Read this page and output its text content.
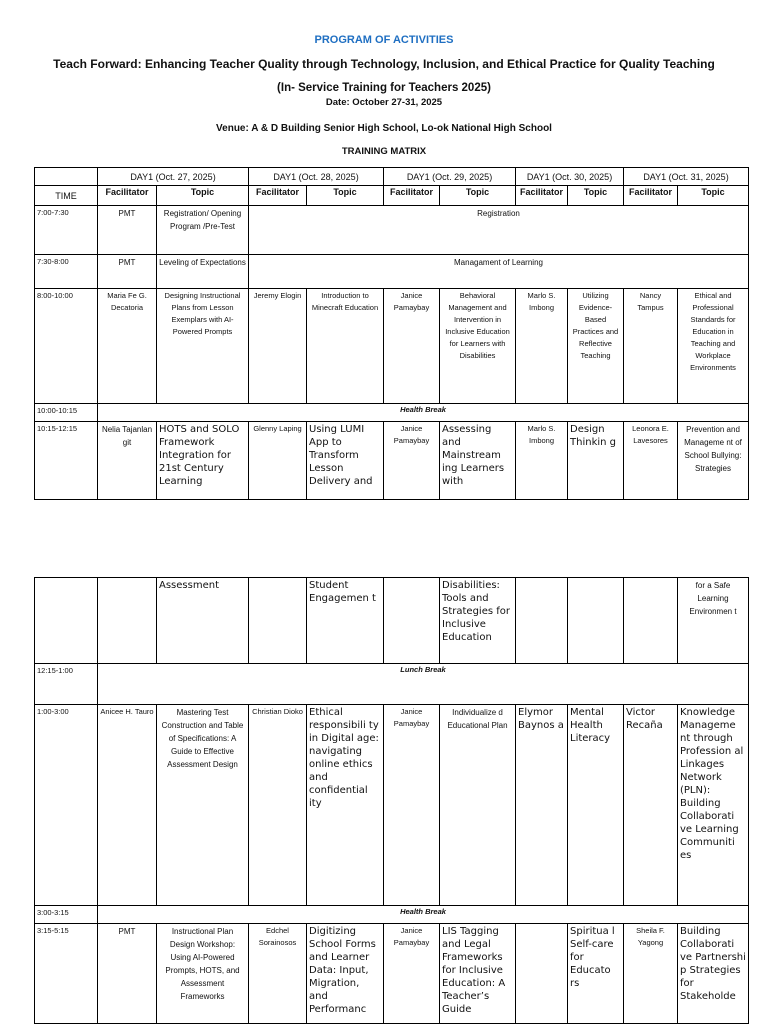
PROGRAM OF ACTIVITIES
Teach Forward: Enhancing Teacher Quality through Technology, Inclusion, and Ethical Practice for Quality Teaching
(In- Service Training for Teachers 2025)
Date: October 27-31, 2025
Venue: A & D Building Senior High School, Lo-ok National High School
TRAINING MATRIX
	DAY1 (Oct. 27, 2025)		DAY1 (Oct. 28, 2025)		DAY1 (Oct. 29, 2025)		DAY1 (Oct. 30, 2025)		DAY1 (Oct. 31, 2025)	
TIME	Facilitator	Topic	Facilitator	Topic	Facilitator	Topic	Facilitator	Topic	Facilitator	Topic
7:00-7:30	PMT	Registration/ Opening Program /Pre-Test	Registration							
7:30-8:00	PMT	Leveling of Expectations	Managament of Learning							
8:00-10:00	Maria Fe G. Decatoria	Designing Instructional Plans from Lesson Exemplars with AI-Powered Prompts	Jeremy Elogin	Introduction to Minecraft Education	Janice Pamaybay	Behavioral Management and Intervention in Inclusive Education for Learners with Disabilities	Marlo S. Imbong	Utilizing Evidence-Based Practices and Reflective Teaching	Nancy Tampus	Ethical and Professional Standards for Education in Teaching and Workplace Environments
10:00-10:15	Health Break									
10:15-12:15	Nelia Tajanlan git	HOTS and SOLO Framework Integration for 21st Century Learning	Glenny Laping	Using LUMI App to Transform Lesson Delivery and	Janice Pamaybay	Assessing and Mainstream ing Learners with	Marlo S. Imbong	Design Thinkin g	Leonora E. Lavesores	Prevention and Manageme nt of School Bullying: Strategies
		Assessment		Student Engagemen t		Disabilities: Tools and Strategies for Inclusive Education				for a Safe Learning Environmen t
12:15-1:00	Lunch Break									
1:00-3:00	Anicee H. Tauro	Mastering Test Construction and Table of Specifications: A Guide to Effective Assessment Design	Christian Dioko	Ethical responsibili ty in Digital age: navigating online ethics and confidential ity	Janice Pamaybay	Individualize d Educational Plan	Elymor Baynos a	Mental Health Literacy	Victor Recaña	Knowledge Manageme nt through Profession al Linkages Network (PLN): Building Collaborati ve Learning Communiti es
3:00-3:15	Health Break									
3:15-5:15	PMT	Instructional Plan Design Workshop: Using AI-Powered Prompts, HOTS, and Assessment Frameworks	Edchel Sorainosos	Digitizing School Forms and Learner Data: Input, Migration, and Performanc	Janice Pamaybay	LIS Tagging and Legal Frameworks for Inclusive Education: A Teacher’s Guide		Spiritua l Self-care for Educato rs	Sheila F. Yagong	Building Collaborati ve Partnershi p Strategies for Stakeholde
